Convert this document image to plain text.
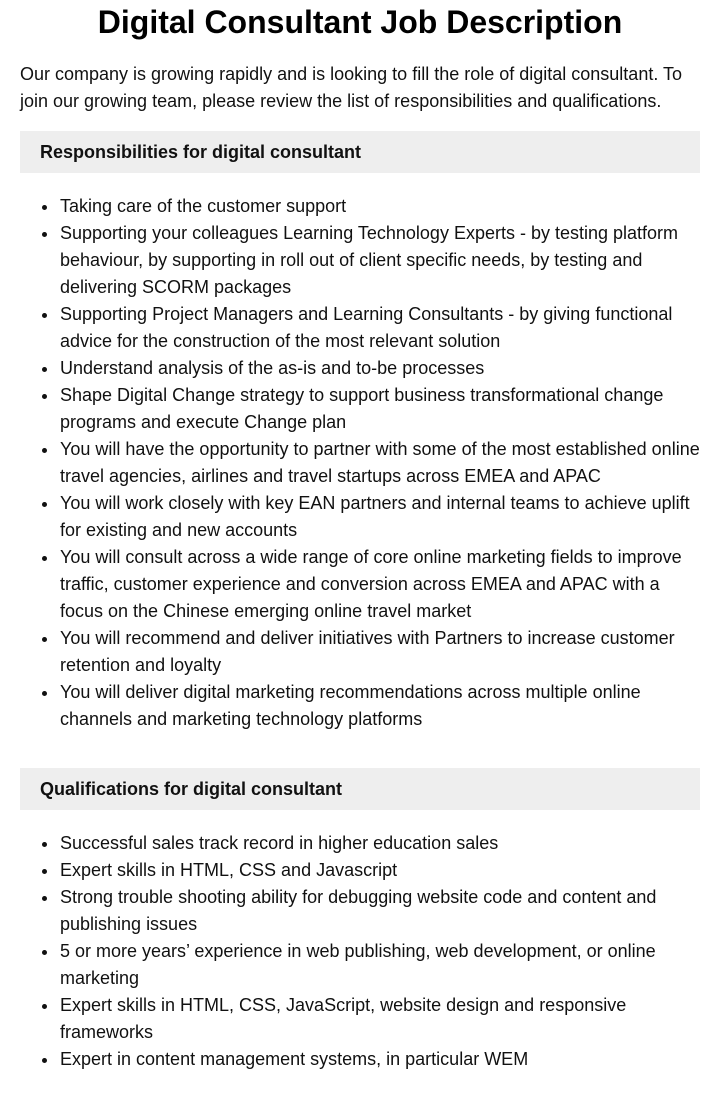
Digital Consultant Job Description

Our company is growing rapidly and is looking to fill the role of digital consultant. To join our growing team, please review the list of responsibilities and qualifications.

Responsibilities for digital consultant
Taking care of the customer support
Supporting your colleagues Learning Technology Experts - by testing platform behaviour, by supporting in roll out of client specific needs, by testing and delivering SCORM packages
Supporting Project Managers and Learning Consultants - by giving functional advice for the construction of the most relevant solution
Understand analysis of the as-is and to-be processes
Shape Digital Change strategy to support business transformational change programs and execute Change plan
You will have the opportunity to partner with some of the most established online travel agencies, airlines and travel startups across EMEA and APAC
You will work closely with key EAN partners and internal teams to achieve uplift for existing and new accounts
You will consult across a wide range of core online marketing fields to improve traffic, customer experience and conversion across EMEA and APAC with a focus on the Chinese emerging online travel market
You will recommend and deliver initiatives with Partners to increase customer retention and loyalty
You will deliver digital marketing recommendations across multiple online channels and marketing technology platforms
Qualifications for digital consultant
Successful sales track record in higher education sales
Expert skills in HTML, CSS and Javascript
Strong trouble shooting ability for debugging website code and content and publishing issues
5 or more years’ experience in web publishing, web development, or online marketing
Expert skills in HTML, CSS, JavaScript, website design and responsive frameworks
Expert in content management systems, in particular WEM
